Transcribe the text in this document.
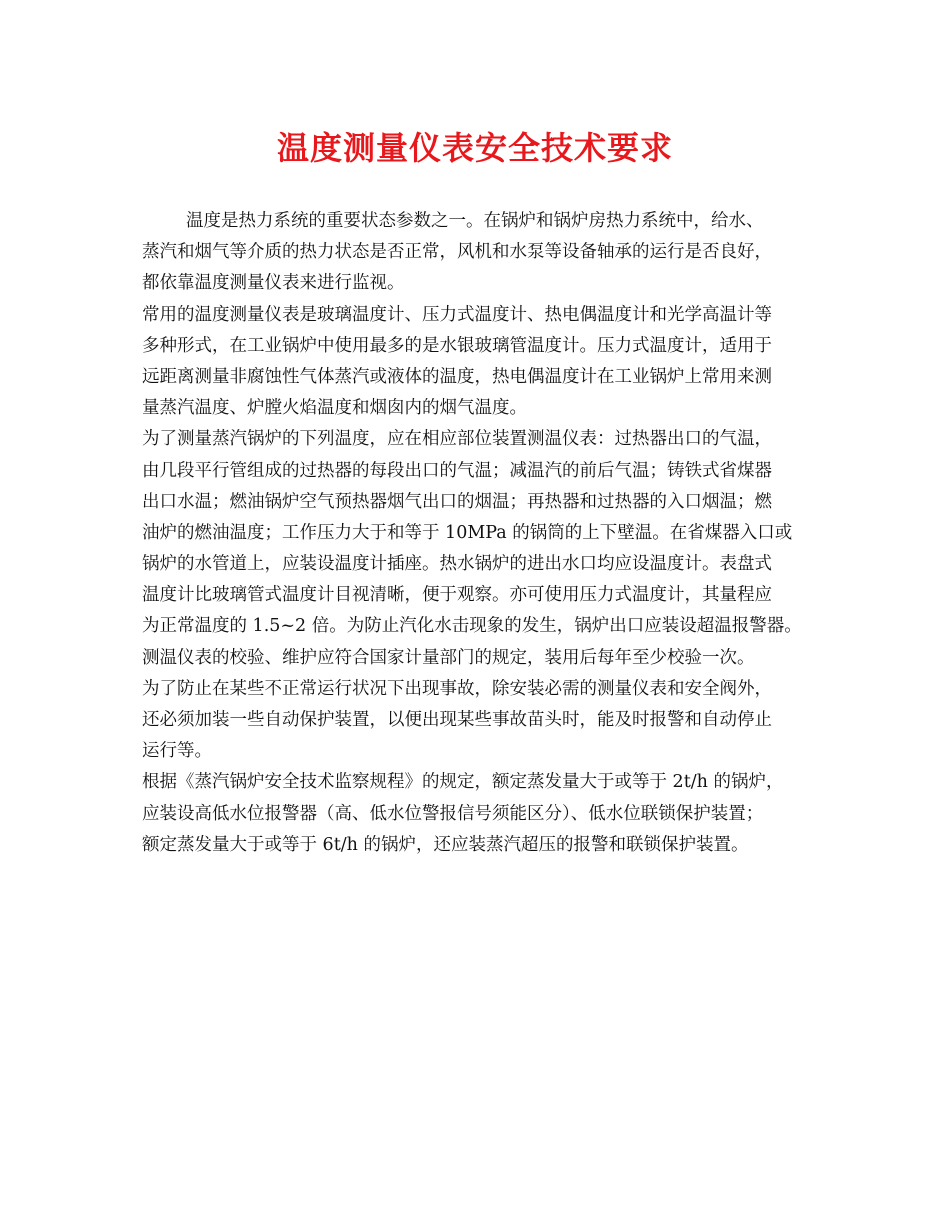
温度测量仪表安全技术要求
温度是热力系统的重要状态参数之一。在锅炉和锅炉房热力系统中，给水、
蒸汽和烟气等介质的热力状态是否正常，风机和水泵等设备轴承的运行是否良好，
都依靠温度测量仪表来进行监视。
常用的温度测量仪表是玻璃温度计、压力式温度计、热电偶温度计和光学高温计等
多种形式，在工业锅炉中使用最多的是水银玻璃管温度计。压力式温度计，适用于
远距离测量非腐蚀性气体蒸汽或液体的温度，热电偶温度计在工业锅炉上常用来测
量蒸汽温度、炉膛火焰温度和烟囱内的烟气温度。
为了测量蒸汽锅炉的下列温度，应在相应部位装置测温仪表：过热器出口的气温，
由几段平行管组成的过热器的每段出口的气温；减温汽的前后气温；铸铁式省煤器
出口水温；燃油锅炉空气预热器烟气出口的烟温；再热器和过热器的入口烟温；燃
油炉的燃油温度；工作压力大于和等于 10MPa 的锅筒的上下壁温。在省煤器入口或
锅炉的水管道上，应装设温度计插座。热水锅炉的进出水口均应设温度计。表盘式
温度计比玻璃管式温度计目视清晰，便于观察。亦可使用压力式温度计，其量程应
为正常温度的 1.5~2 倍。为防止汽化水击现象的发生，锅炉出口应装设超温报警器。
测温仪表的校验、维护应符合国家计量部门的规定，装用后每年至少校验一次。
为了防止在某些不正常运行状况下出现事故，除安装必需的测量仪表和安全阀外，
还必须加装一些自动保护装置，以便出现某些事故苗头时，能及时报警和自动停止
运行等。
根据《蒸汽锅炉安全技术监察规程》的规定，额定蒸发量大于或等于 2t/h 的锅炉，
应装设高低水位报警器（高、低水位警报信号须能区分）、低水位联锁保护装置；
额定蒸发量大于或等于 6t/h 的锅炉，还应装蒸汽超压的报警和联锁保护装置。
